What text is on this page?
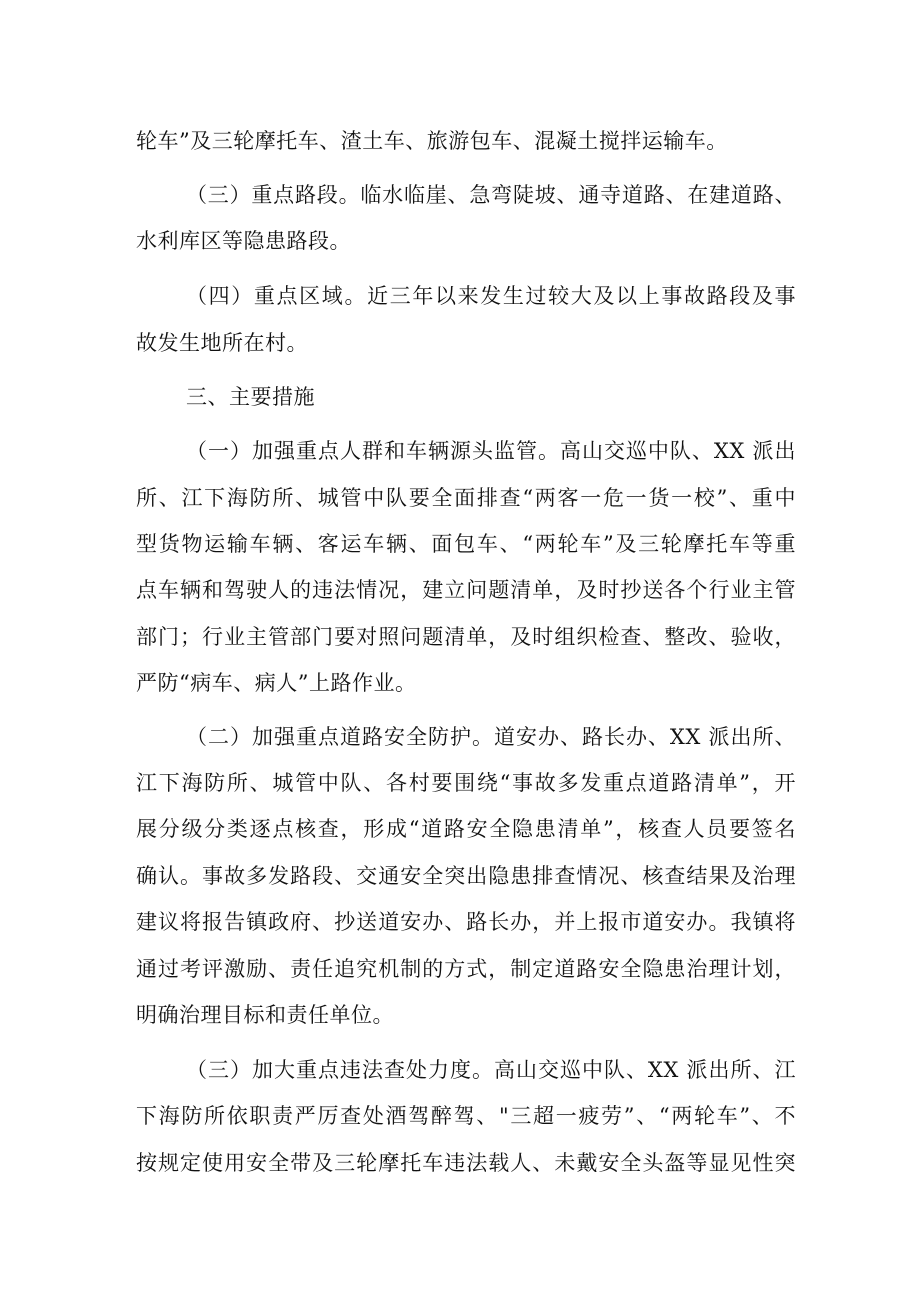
轮车”及三轮摩托车、渣土车、旅游包车、混凝土搅拌运输车。
（三）重点路段。临水临崖、急弯陡坡、通寺道路、在建道路、
水利库区等隐患路段。
（四）重点区域。近三年以来发生过较大及以上事故路段及事
故发生地所在村。
三、主要措施
（一）加强重点人群和车辆源头监管。高山交巡中队、XX 派出
所、江下海防所、城管中队要全面排查“两客一危一货一校”、重中
型货物运输车辆、客运车辆、面包车、“两轮车”及三轮摩托车等重
点车辆和驾驶人的违法情况，建立问题清单，及时抄送各个行业主管
部门；行业主管部门要对照问题清单，及时组织检查、整改、验收，
严防“病车、病人”上路作业。
（二）加强重点道路安全防护。道安办、路长办、XX 派出所、
江下海防所、城管中队、各村要围绕“事故多发重点道路清单”，开
展分级分类逐点核查，形成“道路安全隐患清单”，核查人员要签名
确认。事故多发路段、交通安全突出隐患排查情况、核查结果及治理
建议将报告镇政府、抄送道安办、路长办，并上报市道安办。我镇将
通过考评激励、责任追究机制的方式，制定道路安全隐患治理计划，
明确治理目标和责任单位。
（三）加大重点违法查处力度。高山交巡中队、XX 派出所、江
下海防所依职责严厉查处酒驾醉驾、"三超一疲劳”、“两轮车”、不
按规定使用安全带及三轮摩托车违法载人、未戴安全头盔等显见性突
